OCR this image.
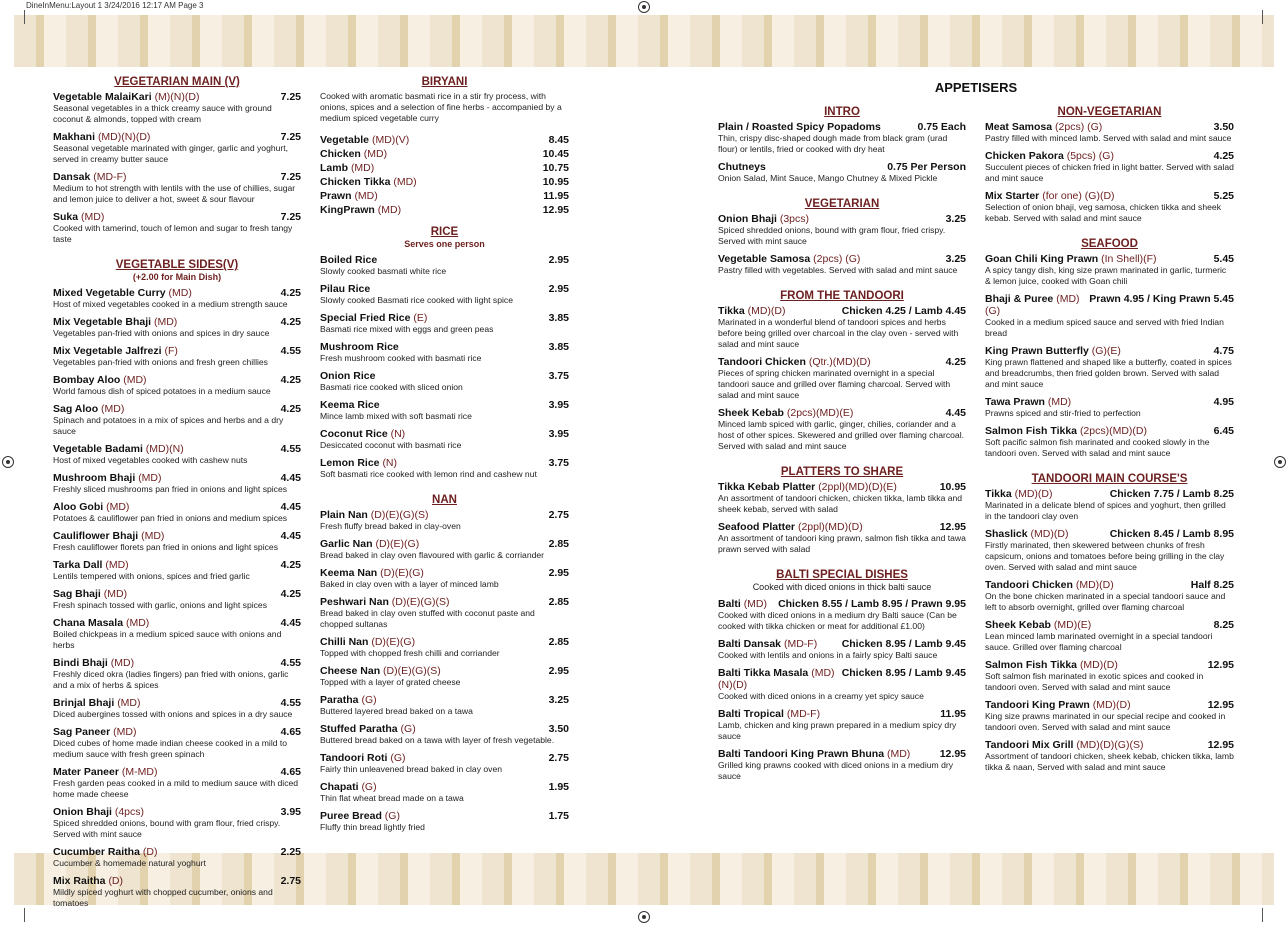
DineInMenu:Layout 1 3/24/2016 12:17 AM Page 3
VEGETARIAN MAIN (V)
Vegetable MalaiKari (M)(N)(D)	7.25
Seasonal vegetables in a thick creamy sauce with ground coconut & almonds, topped with cream
Makhani (MD)(N)(D)	7.25
Seasonal vegetable marinated with ginger, garlic and yoghurt, served in creamy butter sauce
Dansak (MD-F)	7.25
Medium to hot strength with lentils with the use of chillies, sugar and lemon juice to deliver a hot, sweet & sour flavour
Suka (MD)	7.25
Cooked with tamerind, touch of lemon and sugar to fresh tangy taste
VEGETABLE SIDES(V)
(+2.00 for Main Dish)
Mixed Vegetable Curry (MD)	4.25
Host of mixed vegetables cooked in a medium strength sauce
Mix Vegetable Bhaji (MD)	4.25
Vegetables pan-fried with onions and spices in dry sauce
Mix Vegetable Jalfrezi (F)	4.55
Vegetables pan-fried with onions and fresh green chillies
Bombay Aloo (MD)	4.25
World famous dish of spiced potatoes in a medium sauce
Sag Aloo (MD)	4.25
Spinach and potatoes in a mix of spices and herbs and a dry sauce
Vegetable Badami (MD)(N)	4.55
Host of mixed vegetables cooked with cashew nuts
Mushroom Bhaji (MD)	4.45
Freshly sliced mushrooms pan fried in onions and light spices
Aloo Gobi (MD)	4.45
Potatoes & cauliflower pan fried in onions and medium spices
Cauliflower Bhaji (MD)	4.45
Fresh cauliflower florets pan fried in onions and light spices
Tarka Dall (MD)	4.25
Lentils tempered with onions, spices and fried garlic
Sag Bhaji (MD)	4.25
Fresh spinach tossed with garlic, onions and light spices
Chana Masala (MD)	4.45
Boiled chickpeas in a medium spiced sauce with onions and herbs
Bindi Bhaji (MD)	4.55
Freshly diced okra (ladies fingers) pan fried with onions, garlic and a mix of herbs & spices
Brinjal Bhaji (MD)	4.55
Diced aubergines tossed with onions and spices in a dry sauce
Sag Paneer (MD)	4.65
Diced cubes of home made indian cheese cooked in a mild to medium sauce with fresh green spinach
Mater Paneer (M-MD)	4.65
Fresh garden peas cooked in a mild to medium sauce with diced home made cheese
Onion Bhaji (4pcs)	3.95
Spiced shredded onions, bound with gram flour, fried crispy. Served with mint sauce
Cucumber Raitha (D)	2.25
Cucumber & homemade natural yoghurt
Mix Raitha (D)	2.75
Mildly spiced yoghurt with chopped cucumber, onions and tomatoes
BIRYANI
Cooked with aromatic basmati rice in a stir fry process, with onions, spices and a selection of fine herbs - accompanied by a medium spiced vegetable curry
Vegetable (MD)(V)	8.45
Chicken (MD)	10.45
Lamb (MD)	10.75
Chicken Tikka (MD)	10.95
Prawn (MD)	11.95
KingPrawn (MD)	12.95
RICE
Serves one person
Boiled Rice	2.95
Slowly cooked basmati white rice
Pilau Rice	2.95
Slowly cooked Basmati rice cooked with light spice
Special Fried Rice (E)	3.85
Basmati rice mixed with eggs and green peas
Mushroom Rice	3.85
Fresh mushroom cooked with basmati rice
Onion Rice	3.75
Basmati rice cooked with sliced onion
Keema Rice	3.95
Mince lamb mixed with soft basmati rice
Coconut Rice (N)	3.95
Desiccated coconut with basmati rice
Lemon Rice (N)	3.75
Soft basmati rice cooked with lemon rind and cashew nut
NAN
Plain Nan (D)(E)(G)(S)	2.75
Fresh fluffy bread baked in clay-oven
Garlic Nan (D)(E)(G)	2.85
Bread baked in clay oven flavoured with garlic & corriander
Keema Nan (D)(E)(G)	2.95
Baked in clay oven with a layer of minced lamb
Peshwari Nan (D)(E)(G)(S)	2.85
Bread baked in clay oven stuffed with coconut paste and chopped sultanas
Chilli Nan (D)(E)(G)	2.85
Topped with chopped fresh chilli and corriander
Cheese Nan (D)(E)(G)(S)	2.95
Topped with a layer of grated cheese
Paratha (G)	3.25
Buttered layered bread baked on a tawa
Stuffed Paratha (G)	3.50
Buttered bread baked on a tawa with layer of fresh vegetable.
Tandoori Roti (G)	2.75
Fairly thin unleavened bread baked in clay oven
Chapati (G)	1.95
Thin flat wheat bread made on a tawa
Puree Bread (G)	1.75
Fluffy thin bread lightly fried
APPETISERS
INTRO
Plain / Roasted Spicy Popadoms	0.75 Each
Thin, crispy disc-shaped dough made from black gram (urad flour) or lentils, fried or cooked with dry heat
Chutneys	0.75 Per Person
Onion Salad, Mint Sauce, Mango Chutney & Mixed Pickle
VEGETARIAN
Onion Bhaji (3pcs)	3.25
Spiced shredded onions, bound with gram flour, fried crispy. Served with mint sauce
Vegetable Samosa (2pcs) (G)	3.25
Pastry filled with vegetables. Served with salad and mint sauce
FROM THE TANDOORI
Tikka (MD)(D)	Chicken 4.25 / Lamb 4.45
Marinated in a wonderful blend of tandoori spices and herbs before being grilled over charcoal in the clay oven - served with salad and mint sauce
Tandoori Chicken (Qtr.)(MD)(D)	4.25
Pieces of spring chicken marinated overnight in a special tandoori sauce and grilled over flaming charcoal. Served with salad and mint sauce
Sheek Kebab (2pcs)(MD)(E)	4.45
Minced lamb spiced with garlic, ginger, chilies, coriander and a host of other spices. Skewered and grilled over flaming charcoal. Served with salad and mint sauce
PLATTERS TO SHARE
Tikka Kebab Platter (2ppl)(MD)(D)(E)	10.95
An assortment of tandoori chicken, chicken tikka, lamb tikka and sheek kebab, served with salad
Seafood Platter (2ppl)(MD)(D)	12.95
An assortment of tandoori king prawn, salmon fish tikka and tawa prawn served with salad
BALTI SPECIAL DISHES
Cooked with diced onions in thick balti sauce
Balti (MD) Chicken 8.55 / Lamb 8.95 / Prawn 9.95
Cooked with diced onions in a medium dry Balti sauce (Can be cooked with tikka chicken or meat for additional £1.00)
Balti Dansak (MD-F) Chicken 8.95 / Lamb 9.45
Cooked with lentils and onions in a fairly spicy Balti sauce
Balti Tikka Masala (MD)(N)(D)
Chicken 8.95 / Lamb 9.45
Cooked with diced onions in a creamy yet spicy sauce
Balti Tropical (MD-F)	11.95
Lamb, chicken and king prawn prepared in a medium spicy dry sauce
Balti Tandoori King Prawn Bhuna (MD)	12.95
Grilled king prawns cooked with diced onions in a medium dry sauce
NON-VEGETARIAN
Meat Samosa (2pcs) (G)	3.50
Pastry filled with minced lamb. Served with salad and mint sauce
Chicken Pakora (5pcs) (G)	4.25
Succulent pieces of chicken fried in light batter. Served with salad and mint sauce
Mix Starter (for one) (G)(D)	5.25
Selection of onion bhaji, veg samosa, chicken tikka and sheek kebab. Served with salad and mint sauce
SEAFOOD
Goan Chili King Prawn (In Shell)(F)	5.45
A spicy tangy dish, king size prawn marinated in garlic, turmeric & lemon juice, cooked with Goan chili
Bhaji & Puree (MD)(G)
Prawn 4.95 / King Prawn 5.45
Cooked in a medium spiced sauce and served with fried Indian bread
King Prawn Butterfly (G)(E)	4.75
King prawn flattened and shaped like a butterfly, coated in spices and breadcrumbs, then fried golden brown. Served with salad and mint sauce
Tawa Prawn (MD)	4.95
Prawns spiced and stir-fried to perfection
Salmon Fish Tikka (2pcs)(MD)(D)	6.45
Soft pacific salmon fish marinated and cooked slowly in the tandoori oven. Served with salad and mint sauce
TANDOORI MAIN COURSE'S
Tikka (MD)(D)	Chicken 7.75 / Lamb 8.25
Marinated in a delicate blend of spices and yoghurt, then grilled in the tandoori clay oven
Shaslick (MD)(D)	Chicken 8.45 / Lamb 8.95
Firstly marinated, then skewered between chunks of fresh capsicum, onions and tomatoes before being grilling in the clay oven. Served with salad and mint sauce
Tandoori Chicken (MD)(D)	Half 8.25
On the bone chicken marinated in a special tandoori sauce and left to absorb overnight, grilled over flaming charcoal
Sheek Kebab (MD)(E)	8.25
Lean minced lamb marinated overnight in a special tandoori sauce. Grilled over flaming charcoal
Salmon Fish Tikka (MD)(D)	12.95
Soft salmon fish marinated in exotic spices and cooked in tandoori oven. Served with salad and mint sauce
Tandoori King Prawn (MD)(D)	12.95
King size prawns marinated in our special recipe and cooked in tandoori oven. Served with salad and mint sauce
Tandoori Mix Grill (MD)(D)(G)(S)	12.95
Assortment of tandoori chicken, sheek kebab, chicken tikka, lamb tikka & naan, Served with salad and mint sauce
